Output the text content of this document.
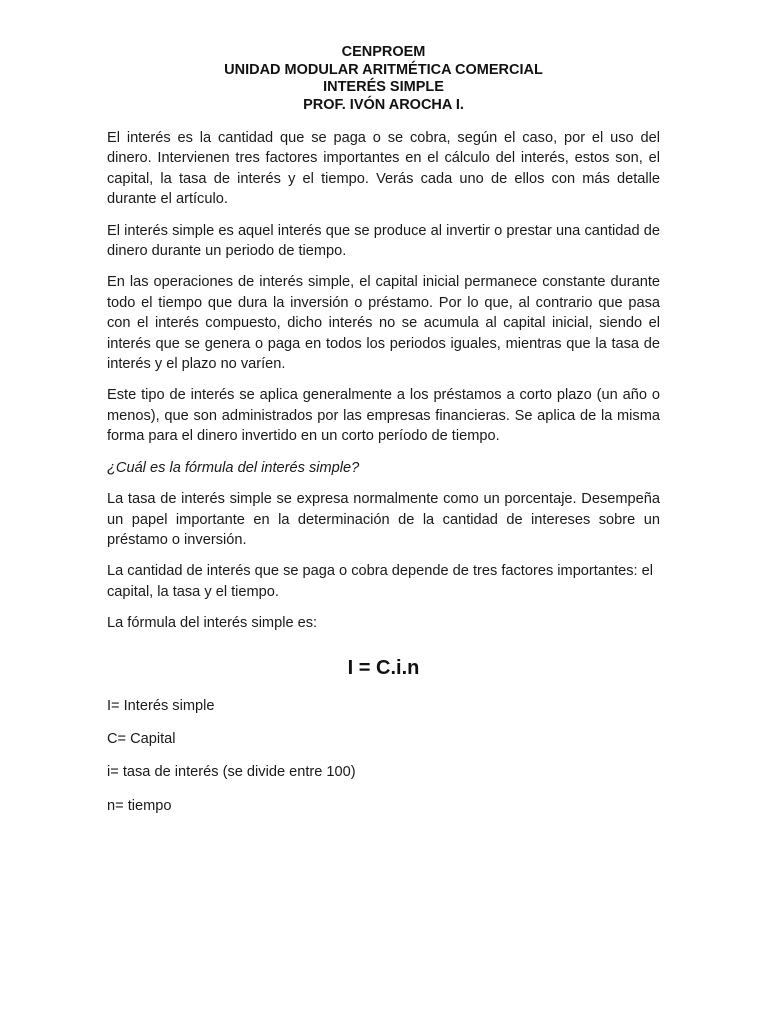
CENPROEM
UNIDAD MODULAR ARITMÉTICA COMERCIAL
INTERÉS SIMPLE
PROF. IVÓN AROCHA I.

El interés es la cantidad que se paga o se cobra, según el caso, por el uso del dinero. Intervienen tres factores importantes en el cálculo del interés, estos son, el capital, la tasa de interés y el tiempo. Verás cada uno de ellos con más detalle durante el artículo.

El interés simple es aquel interés que se produce al invertir o prestar una cantidad de dinero durante un periodo de tiempo.

En las operaciones de interés simple, el capital inicial permanece constante durante todo el tiempo que dura la inversión o préstamo. Por lo que, al contrario que pasa con el interés compuesto, dicho interés no se acumula al capital inicial, siendo el interés que se genera o paga en todos los periodos iguales, mientras que la tasa de interés y el plazo no varíen.

Este tipo de interés se aplica generalmente a los préstamos a corto plazo (un año o menos), que son administrados por las empresas financieras. Se aplica de la misma forma para el dinero invertido en un corto período de tiempo.

¿Cuál es la fórmula del interés simple?

La tasa de interés simple se expresa normalmente como un porcentaje. Desempeña un papel importante en la determinación de la cantidad de intereses sobre un préstamo o inversión.

La cantidad de interés que se paga o cobra depende de tres factores importantes: el capital, la tasa y el tiempo.

La fórmula del interés simple es:

I = C.i.n

I= Interés simple

C= Capital

i= tasa de interés (se divide entre 100)

n= tiempo
